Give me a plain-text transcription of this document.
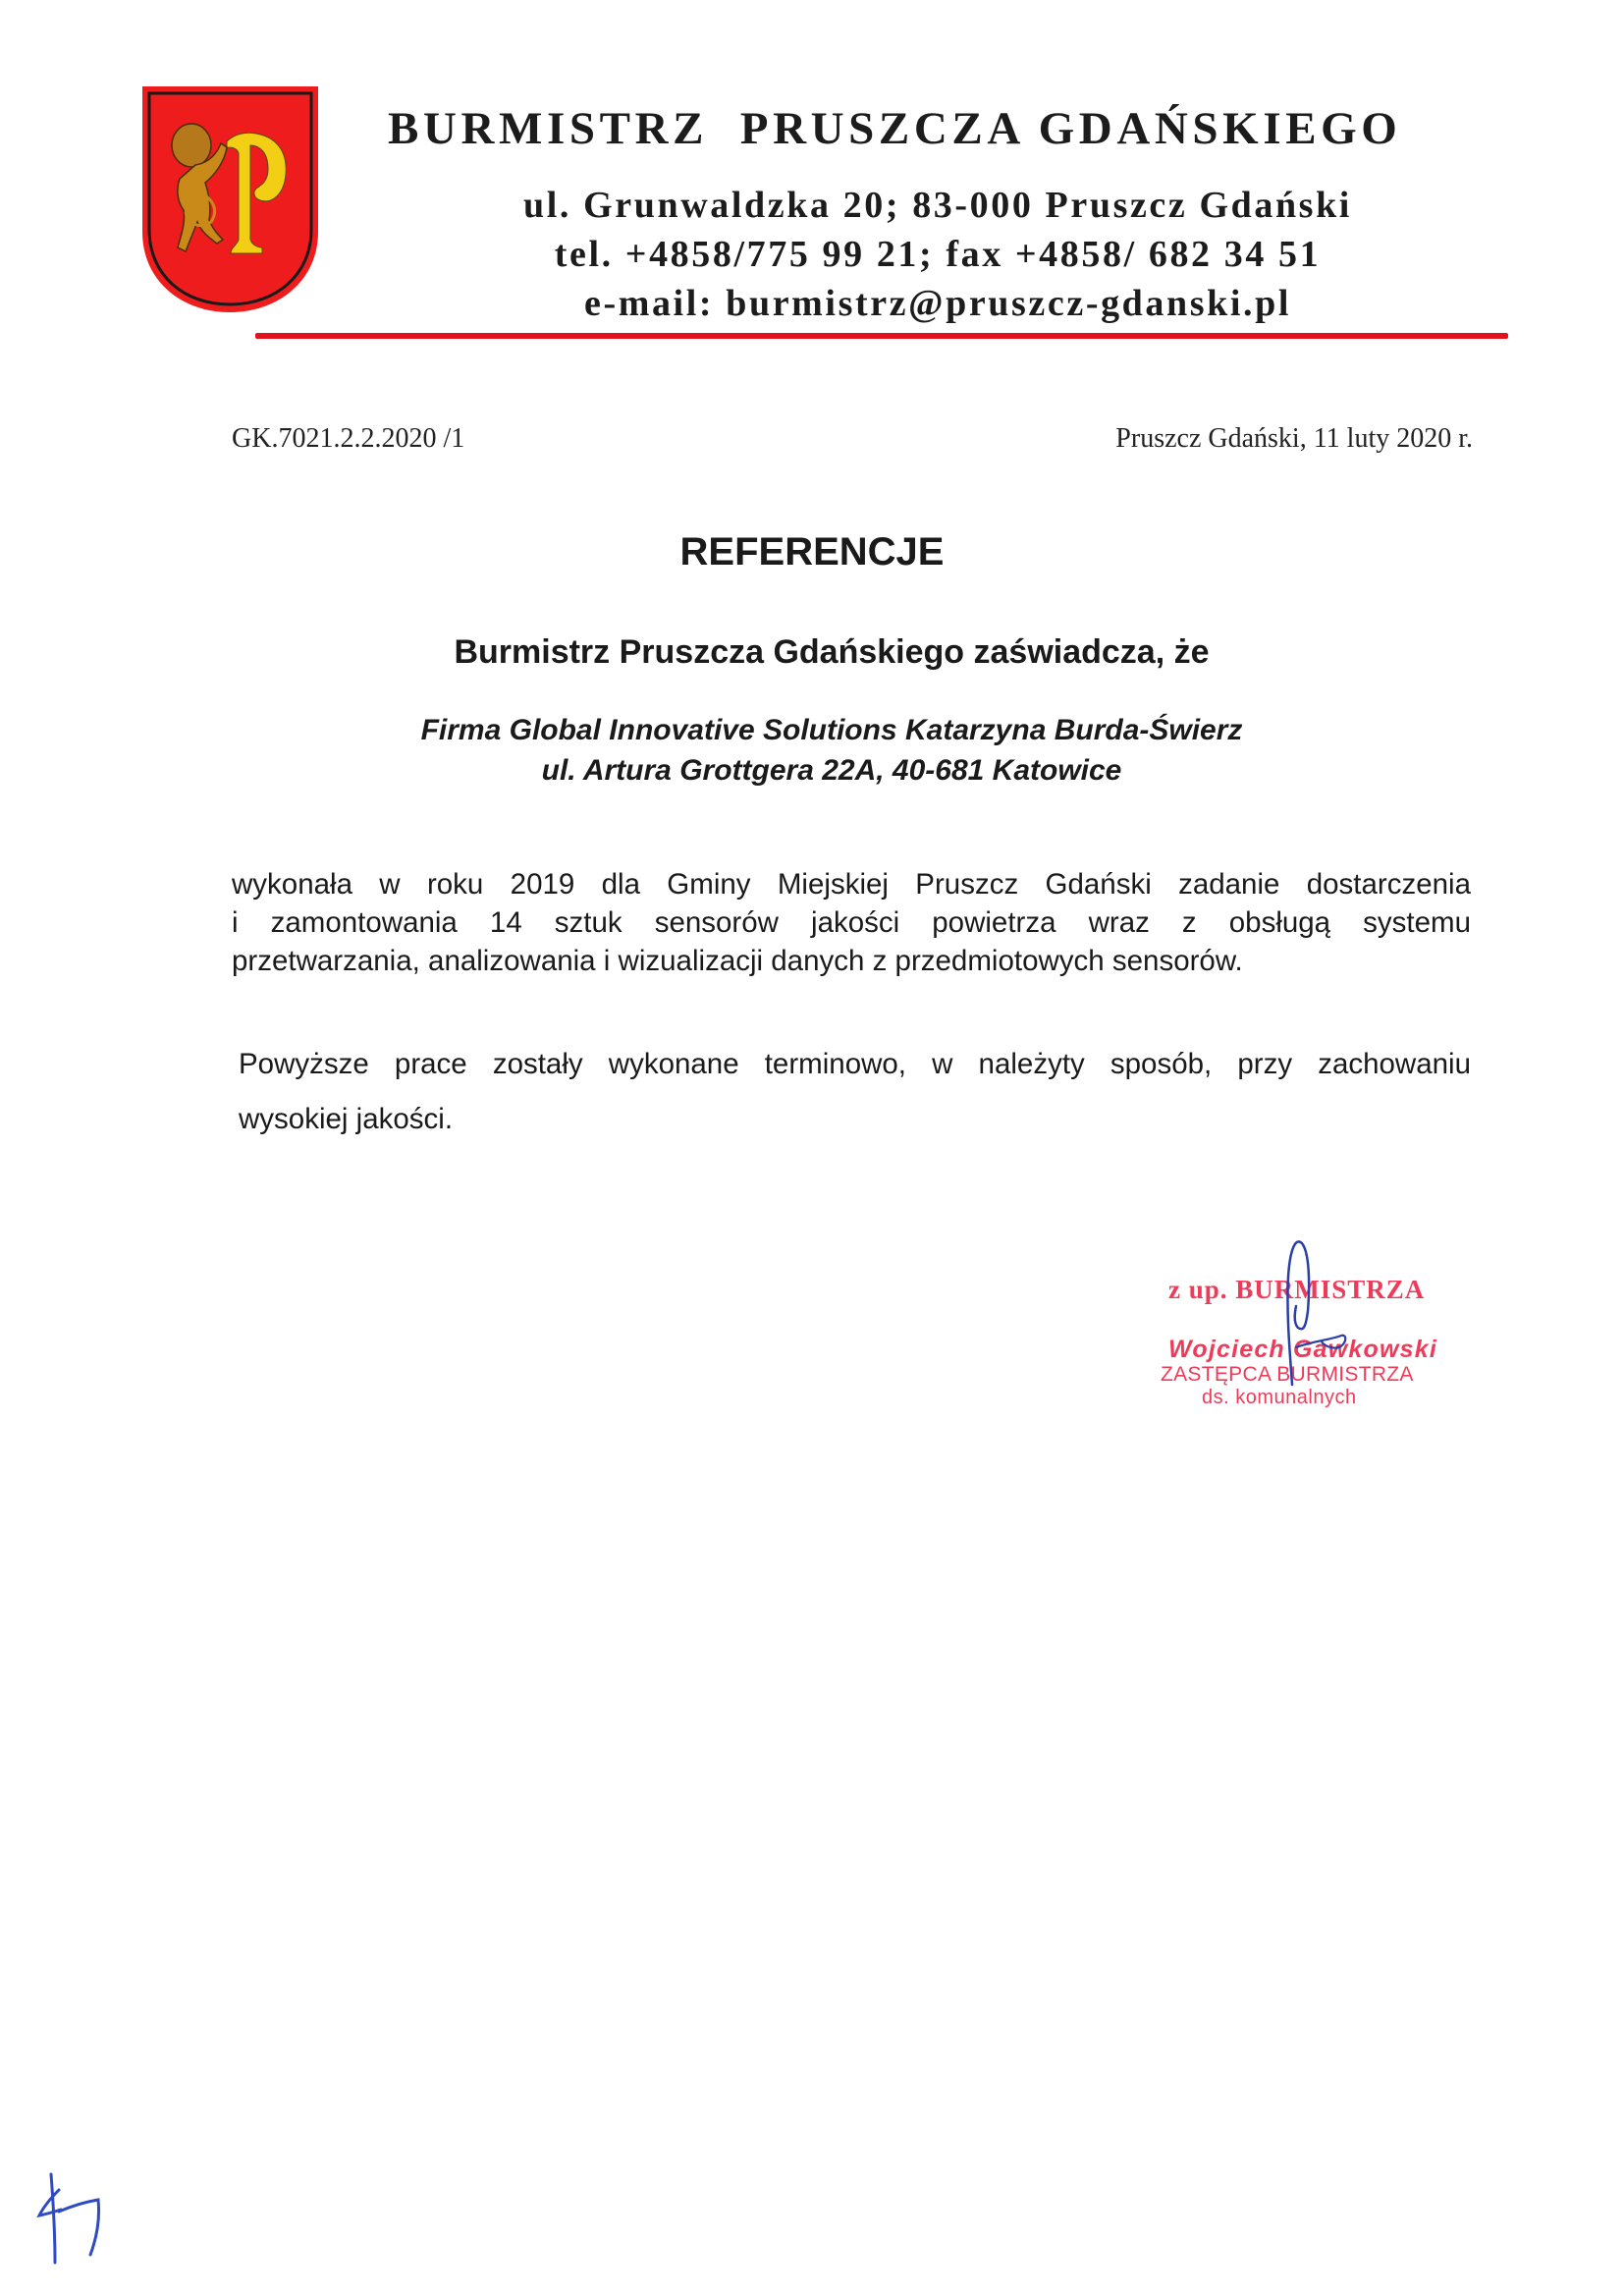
BURMISTRZ  PRUSZCZA GDAŃSKIEGO
ul. Grunwaldzka 20; 83-000 Pruszcz Gdański
tel. +4858/775 99 21; fax +4858/ 682 34 51
e-mail: burmistrz@pruszcz-gdanski.pl
GK.7021.2.2.2020 /1	Pruszcz Gdański, 11 luty 2020 r.
REFERENCJE
Burmistrz Pruszcza Gdańskiego zaświadcza, że
Firma Global Innovative Solutions Katarzyna Burda-Świerz
ul. Artura Grottgera 22A, 40-681 Katowice
wykonała w roku 2019 dla Gminy Miejskiej Pruszcz Gdański zadanie dostarczenia
i zamontowania 14 sztuk sensorów jakości powietrza wraz z obsługą systemu
przetwarzania, analizowania i wizualizacji danych z przedmiotowych sensorów.
Powyższe prace zostały wykonane terminowo, w należyty sposób, przy zachowaniu
wysokiej jakości.
z up. BURMISTRZA
Wojciech Gawkowski
ZASTĘPCA BURMISTRZA
ds. komunalnych
